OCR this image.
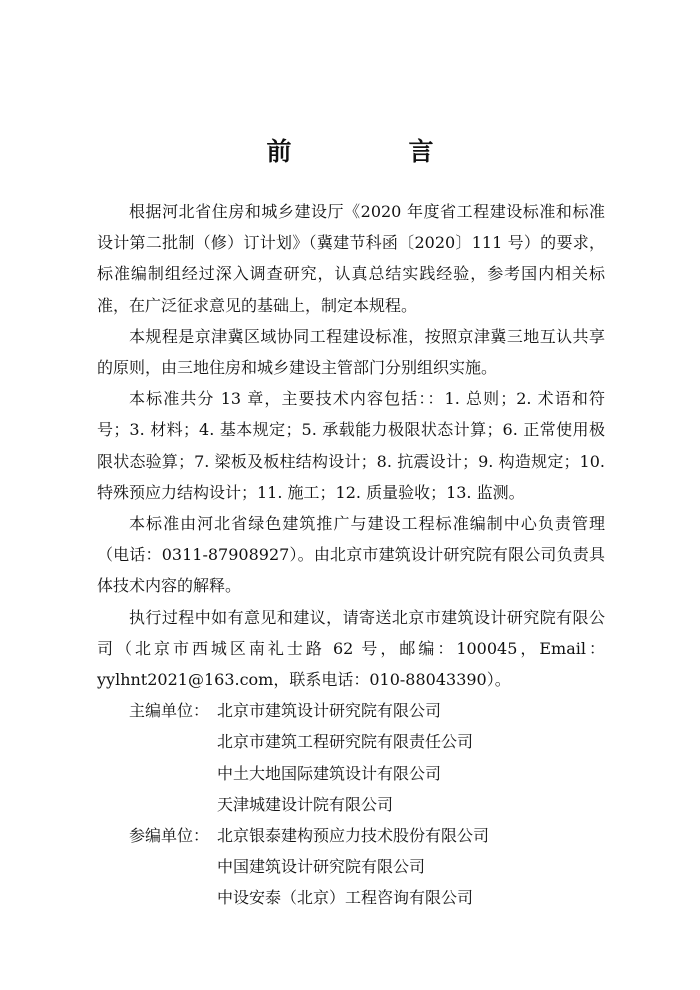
前　言

根据河北省住房和城乡建设厅《2020 年度省工程建设标准和标准设计第二批制（修）订计划》（冀建节科函〔2020〕111 号）的要求，标准编制组经过深入调查研究，认真总结实践经验，参考国内相关标准，在广泛征求意见的基础上，制定本规程。

本规程是京津冀区域协同工程建设标准，按照京津冀三地互认共享的原则，由三地住房和城乡建设主管部门分别组织实施。

本标准共分 13 章，主要技术内容包括：：1. 总则；2. 术语和符号；3. 材料；4. 基本规定；5. 承载能力极限状态计算；6. 正常使用极限状态验算；7. 梁板及板柱结构设计；8. 抗震设计；9. 构造规定；10.特殊预应力结构设计；11. 施工；12. 质量验收；13. 监测。

本标准由河北省绿色建筑推广与建设工程标准编制中心负责管理（电话：0311-87908927）。由北京市建筑设计研究院有限公司负责具体技术内容的解释。

执行过程中如有意见和建议，请寄送北京市建筑设计研究院有限公司（北京市西城区南礼士路 62 号，邮编：100045，Email：yylhnt2021@163.com，联系电话：010-88043390）。

主编单位： 北京市建筑设计研究院有限公司
北京市建筑工程研究院有限责任公司
中土大地国际建筑设计有限公司
天津城建设计院有限公司
参编单位： 北京银泰建构预应力技术股份有限公司
中国建筑设计研究院有限公司
中设安泰（北京）工程咨询有限公司
